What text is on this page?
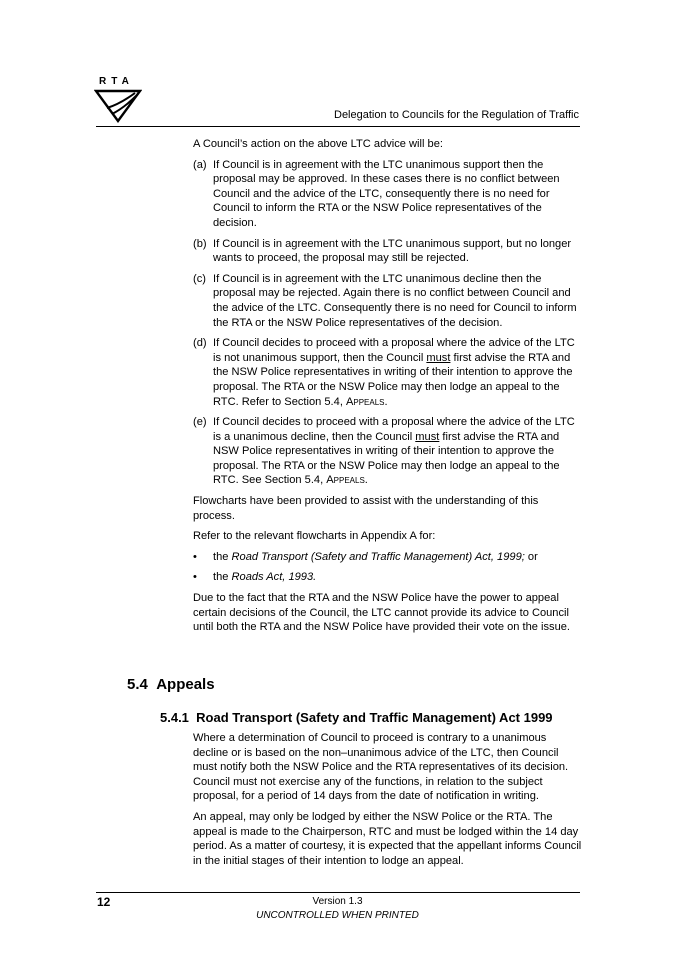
RTA
Delegation to Councils for the Regulation of Traffic

A Council’s action on the above LTC advice will be:

(a) If Council is in agreement with the LTC unanimous support then the proposal may be approved. In these cases there is no conflict between Council and the advice of the LTC, consequently there is no need for Council to inform the RTA or the NSW Police representatives of the decision.
(b) If Council is in agreement with the LTC unanimous support, but no longer wants to proceed, the proposal may still be rejected.
(c) If Council is in agreement with the LTC unanimous decline then the proposal may be rejected. Again there is no conflict between Council and the advice of the LTC. Consequently there is no need for Council to inform the RTA or the NSW Police representatives of the decision.
(d) If Council decides to proceed with a proposal where the advice of the LTC is not unanimous support, then the Council must first advise the RTA and the NSW Police representatives in writing of their intention to approve the proposal. The RTA or the NSW Police may then lodge an appeal to the RTC. Refer to Section 5.4, Appeals.
(e) If Council decides to proceed with a proposal where the advice of the LTC is a unanimous decline, then the Council must first advise the RTA and NSW Police representatives in writing of their intention to approve the proposal. The RTA or the NSW Police may then lodge an appeal to the RTC. See Section 5.4, Appeals.

Flowcharts have been provided to assist with the understanding of this process.

Refer to the relevant flowcharts in Appendix A for:

•	the Road Transport (Safety and Traffic Management) Act, 1999; or
•	the Roads Act, 1993.

Due to the fact that the RTA and the NSW Police have the power to appeal certain decisions of the Council, the LTC cannot provide its advice to Council until both the RTA and the NSW Police have provided their vote on the issue.

5.4 Appeals
5.4.1 Road Transport (Safety and Traffic Management) Act 1999

Where a determination of Council to proceed is contrary to a unanimous decline or is based on the non–unanimous advice of the LTC, then Council must notify both the NSW Police and the RTA representatives of its decision. Council must not exercise any of the functions, in relation to the subject proposal, for a period of 14 days from the date of notification in writing.

An appeal, may only be lodged by either the NSW Police or the RTA. The appeal is made to the Chairperson, RTC and must be lodged within the 14 day period. As a matter of courtesy, it is expected that the appellant informs Council in the initial stages of their intention to lodge an appeal.

12	Version 1.3
UNCONTROLLED WHEN PRINTED
